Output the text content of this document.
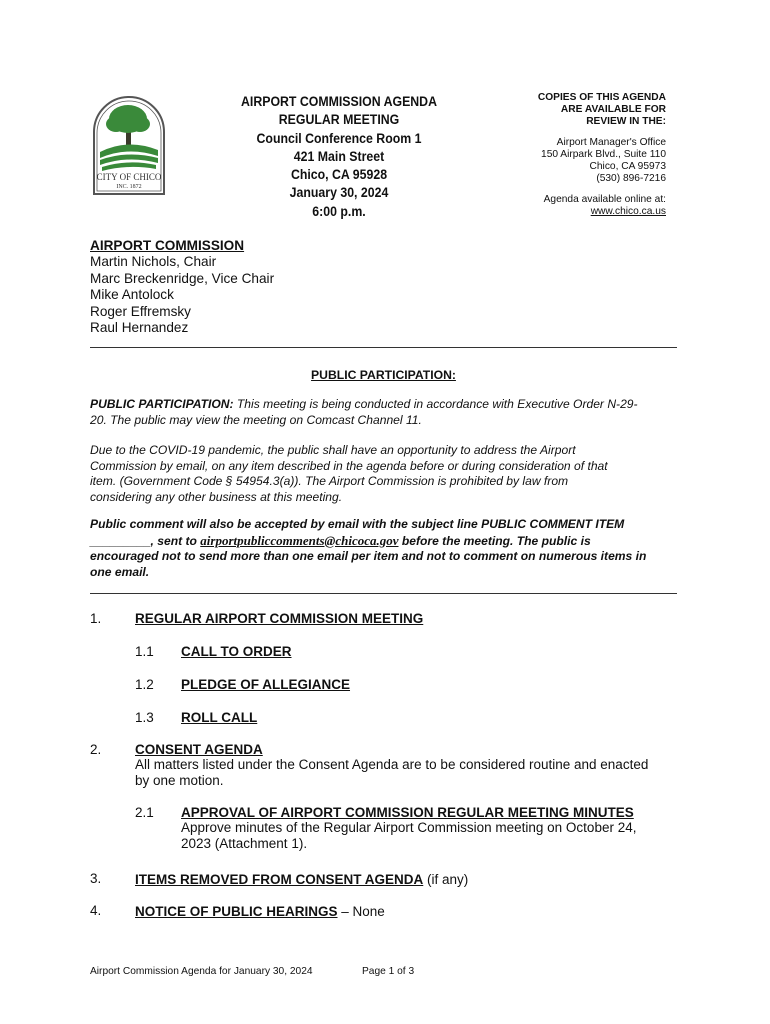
CITY OF CHICO
INC. 1872
AIRPORT COMMISSION AGENDA
REGULAR MEETING
Council Conference Room 1
421 Main Street
Chico, CA 95928
January 30, 2024
6:00 p.m.
COPIES OF THIS AGENDA
ARE AVAILABLE FOR
REVIEW IN THE:
Airport Manager's Office
150 Airpark Blvd., Suite 110
Chico, CA 95973
(530) 896-7216
Agenda available online at:
www.chico.ca.us
AIRPORT COMMISSION
Martin Nichols, Chair
Marc Breckenridge, Vice Chair
Mike Antolock
Roger Effremsky
Raul Hernandez
PUBLIC PARTICIPATION:
PUBLIC PARTICIPATION: This meeting is being conducted in accordance with Executive Order N-29-
20. The public may view the meeting on Comcast Channel 11.
Due to the COVID-19 pandemic, the public shall have an opportunity to address the Airport
Commission by email, on any item described in the agenda before or during consideration of that
item. (Government Code § 54954.3(a)). The Airport Commission is prohibited by law from
considering any other business at this meeting.
Public comment will also be accepted by email with the subject line PUBLIC COMMENT ITEM
_________, sent to airportpubliccomments@chicoca.gov before the meeting. The public is
encouraged not to send more than one email per item and not to comment on numerous items in
one email.
1. REGULAR AIRPORT COMMISSION MEETING
1.1 CALL TO ORDER
1.2 PLEDGE OF ALLEGIANCE
1.3 ROLL CALL
2. CONSENT AGENDA
All matters listed under the Consent Agenda are to be considered routine and enacted
by one motion.
2.1 APPROVAL OF AIRPORT COMMISSION REGULAR MEETING MINUTES
Approve minutes of the Regular Airport Commission meeting on October 24,
2023 (Attachment 1).
3. ITEMS REMOVED FROM CONSENT AGENDA (if any)
4. NOTICE OF PUBLIC HEARINGS – None
Airport Commission Agenda for January 30, 2024	Page 1 of 3
